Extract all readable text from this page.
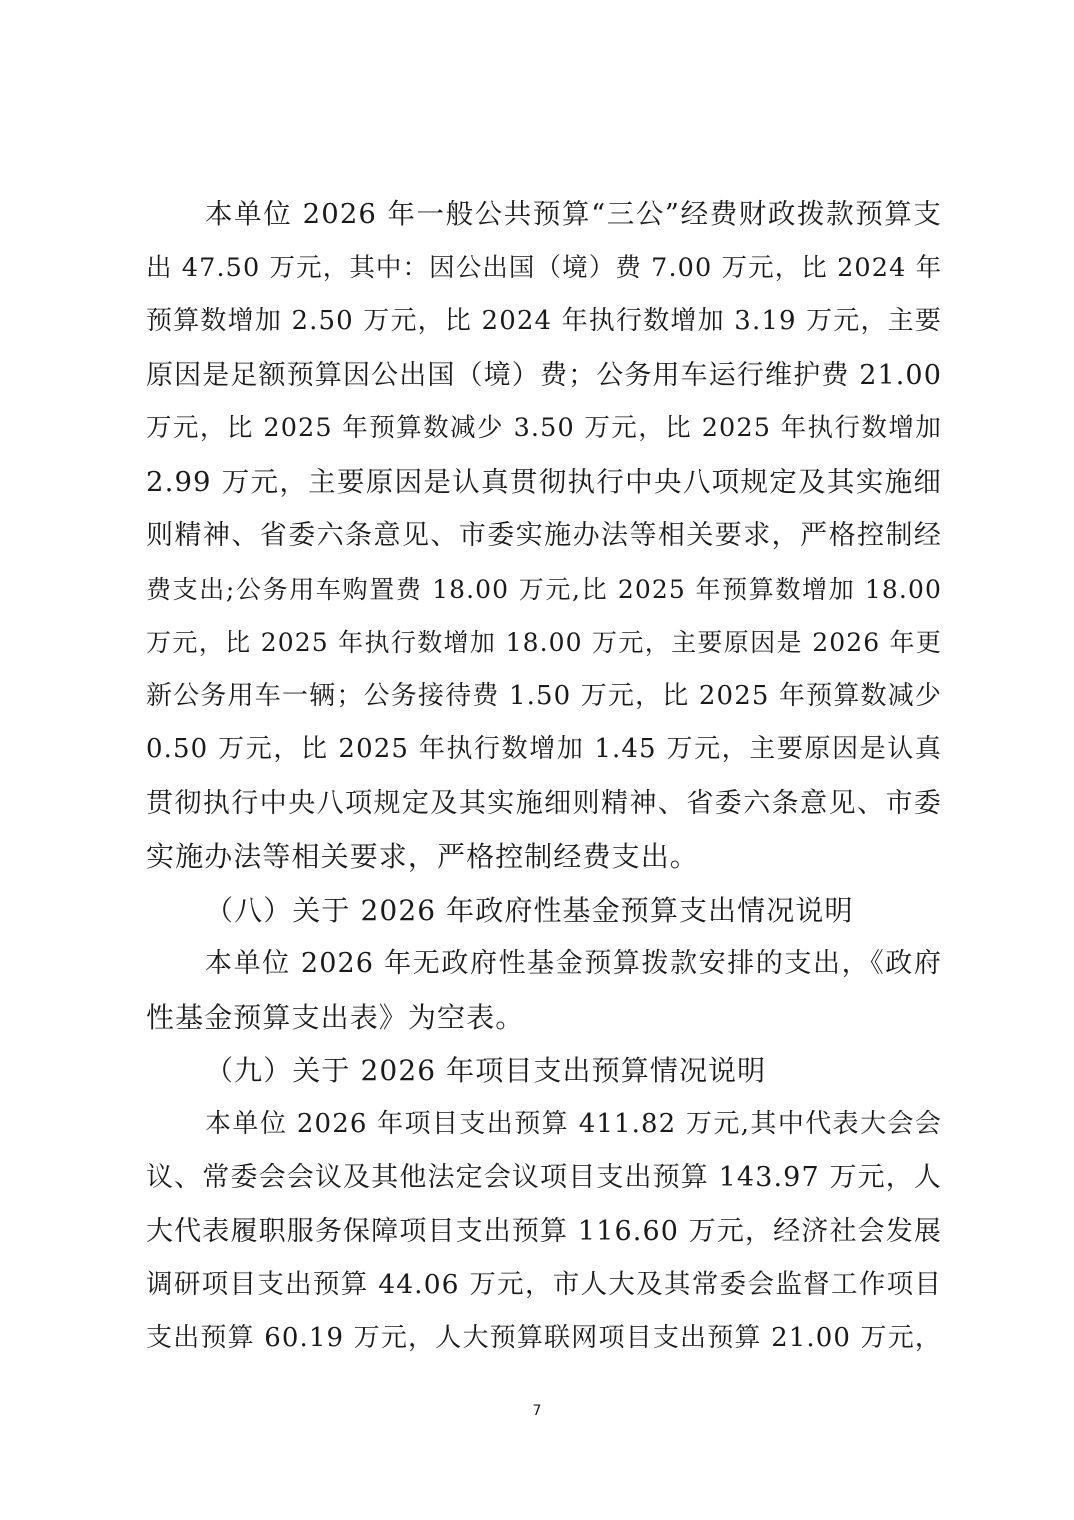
本单位 2026 年一般公共预算“三公”经费财政拨款预算支
出 47.50 万元，其中：因公出国（境）费 7.00 万元，比 2024 年
预算数增加 2.50 万元，比 2024 年执行数增加 3.19 万元，主要
原因是足额预算因公出国（境）费；公务用车运行维护费 21.00
万元，比 2025 年预算数减少 3.50 万元，比 2025 年执行数增加
2.99 万元，主要原因是认真贯彻执行中央八项规定及其实施细
则精神、省委六条意见、市委实施办法等相关要求，严格控制经
费支出;公务用车购置费 18.00 万元,比 2025 年预算数增加 18.00
万元，比 2025 年执行数增加 18.00 万元，主要原因是 2026 年更
新公务用车一辆；公务接待费 1.50 万元，比 2025 年预算数减少
0.50 万元，比 2025 年执行数增加 1.45 万元，主要原因是认真
贯彻执行中央八项规定及其实施细则精神、省委六条意见、市委
实施办法等相关要求，严格控制经费支出。
（八）关于 2026 年政府性基金预算支出情况说明
本单位 2026 年无政府性基金预算拨款安排的支出，《政府
性基金预算支出表》为空表。
（九）关于 2026 年项目支出预算情况说明
本单位 2026 年项目支出预算 411.82 万元,其中代表大会会
议、常委会会议及其他法定会议项目支出预算 143.97 万元，人
大代表履职服务保障项目支出预算 116.60 万元，经济社会发展
调研项目支出预算 44.06 万元，市人大及其常委会监督工作项目
支出预算 60.19 万元，人大预算联网项目支出预算 21.00 万元，
7
